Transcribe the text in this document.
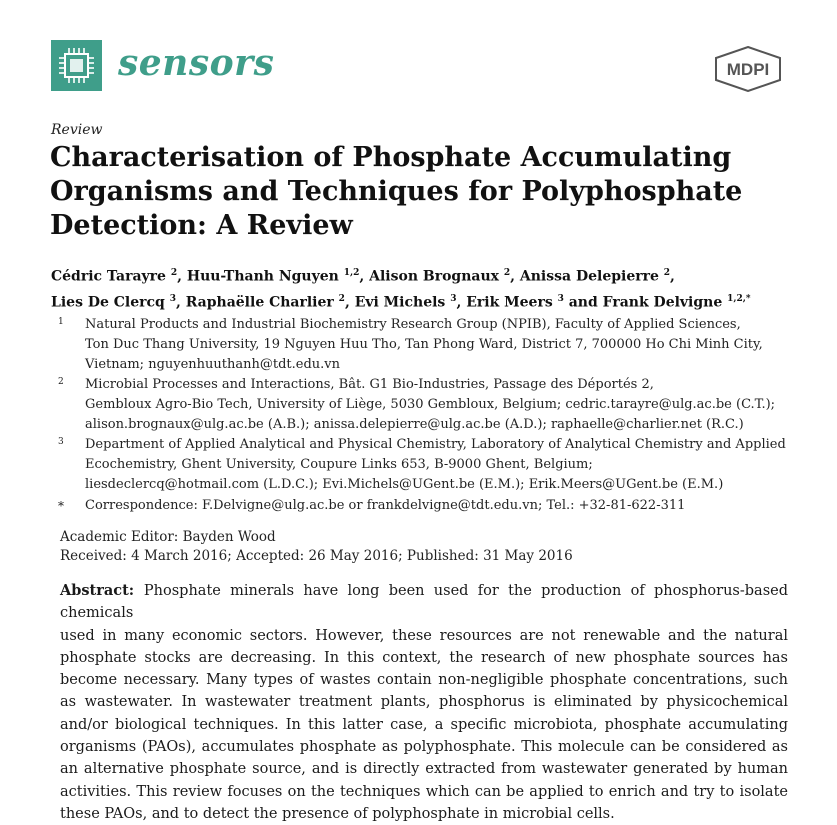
sensors	MDPI
Review
Characterisation of Phosphate Accumulating
Organisms and Techniques for Polyphosphate
Detection: A Review
Cédric Tarayre $^2$, Huu-Thanh Nguyen $^{1,2}$, Alison Brognaux $^2$, Anissa Delepierre $^2$,
Lies De Clercq $^3$, Raphaëlle Charlier $^2$, Evi Michels $^3$, Erik Meers $^3$ and Frank Delvigne $^{1,2,*}$
1 Natural Products and Industrial Biochemistry Research Group (NPIB), Faculty of Applied Sciences,
Ton Duc Thang University, 19 Nguyen Huu Tho, Tan Phong Ward, District 7, 700000 Ho Chi Minh City,
Vietnam; nguyenhuuthanh@tdt.edu.vn
2 Microbial Processes and Interactions, Bât. G1 Bio-Industries, Passage des Déportés 2,
Gembloux Agro-Bio Tech, University of Liège, 5030 Gembloux, Belgium; cedric.tarayre@ulg.ac.be (C.T.);
alison.brognaux@ulg.ac.be (A.B.); anissa.delepierre@ulg.ac.be (A.D.); raphaelle@charlier.net (R.C.)
3 Department of Applied Analytical and Physical Chemistry, Laboratory of Analytical Chemistry and Applied
Ecochemistry, Ghent University, Coupure Links 653, B-9000 Ghent, Belgium;
liesdeclercq@hotmail.com (L.D.C.); Evi.Michels@UGent.be (E.M.); Erik.Meers@UGent.be (E.M.)
* Correspondence: F.Delvigne@ulg.ac.be or frankdelvigne@tdt.edu.vn; Tel.: +32-81-622-311
Academic Editor: Bayden Wood
Received: 4 March 2016; Accepted: 26 May 2016; Published: 31 May 2016
Abstract: Phosphate minerals have long been used for the production of phosphorus-based chemicals
used in many economic sectors. However, these resources are not renewable and the natural
phosphate stocks are decreasing. In this context, the research of new phosphate sources has
become necessary. Many types of wastes contain non-negligible phosphate concentrations, such
as wastewater. In wastewater treatment plants, phosphorus is eliminated by physicochemical
and/or biological techniques. In this latter case, a specific microbiota, phosphate accumulating
organisms (PAOs), accumulates phosphate as polyphosphate. This molecule can be considered as
an alternative phosphate source, and is directly extracted from wastewater generated by human
activities. This review focuses on the techniques which can be applied to enrich and try to isolate
these PAOs, and to detect the presence of polyphosphate in microbial cells.
